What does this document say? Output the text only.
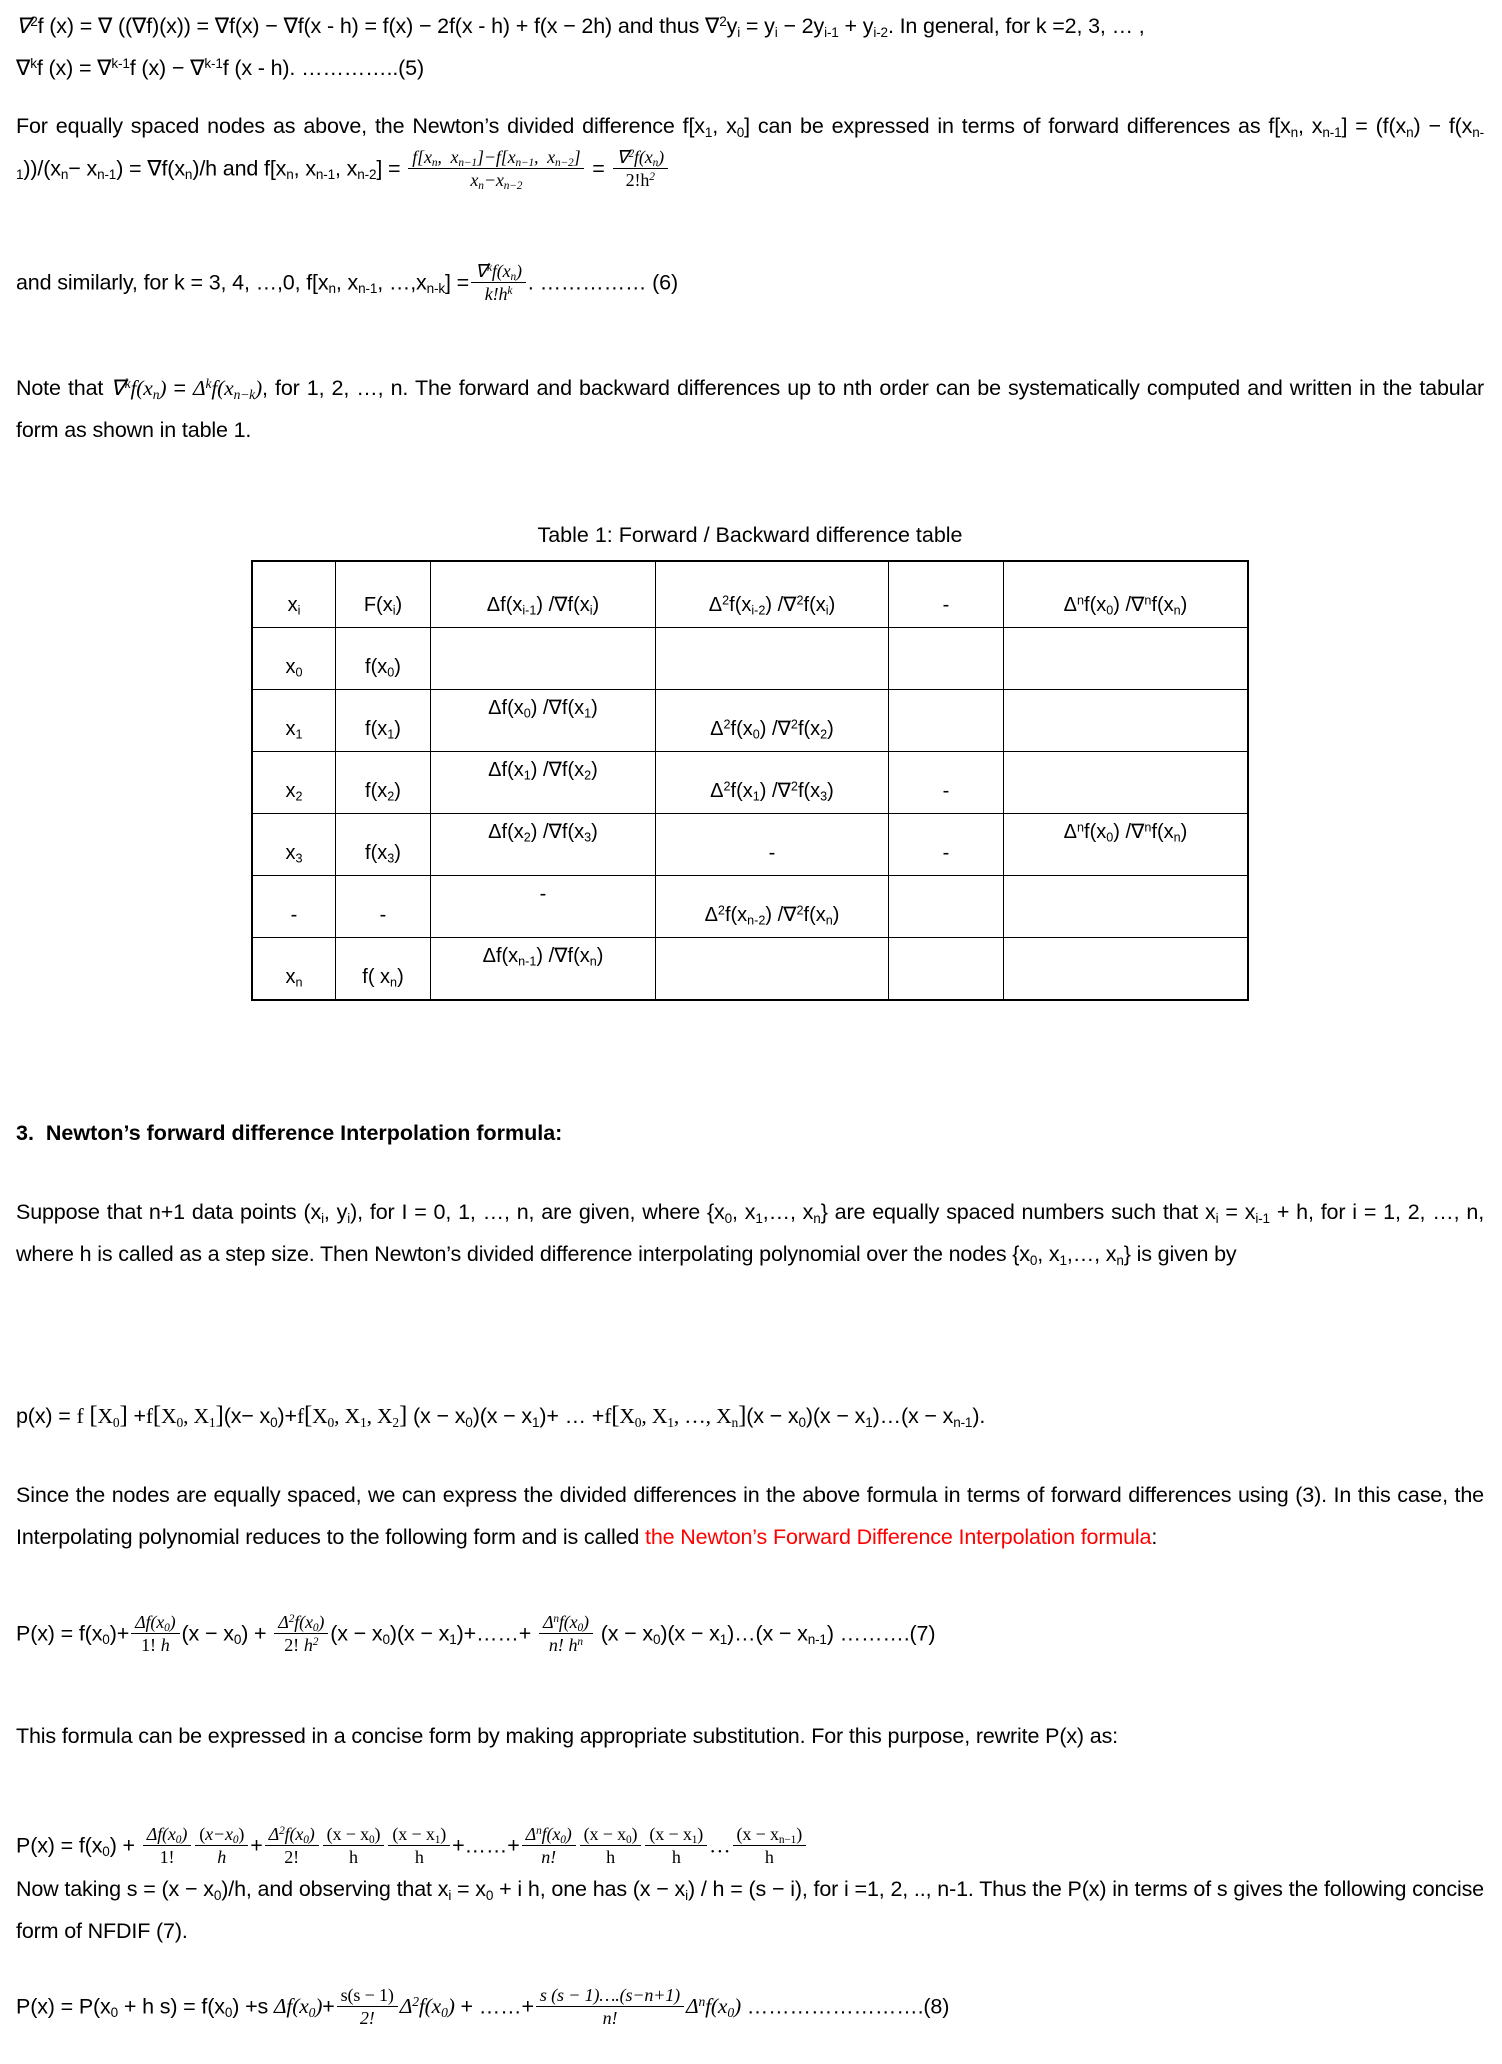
∇$^2$f (x) = ∇ ((∇f)(x)) = ∇f(x) − ∇f(x - h) = f(x) − 2f(x - h) + f(x − 2h) and thus $\nabla^2y_i = y_i - 2y_{i-1} + y_{i-2}$. In general, for k =2, 3, … ,
∇$^k$f (x) = ∇$^{k-1}$f (x) − ∇$^{k-1}$f (x - h). …………..(5)

For equally spaced nodes as above, the Newton’s divided difference $f[x_1$, $x_0$] can be expressed in terms of forward differences as $f[x_n$, $x_{n-1}] = (f(x_n) - f(x_{n-1}))/(x_n- x_{n-1}) = \nabla f(x_n)/h$ and $f[x_n$, $x_{n-1}$, $x_{n-2}] = \frac{f[x_n, x_{n-1}]-f[x_{n-1}, x_{n-2}]}{x_n-x_{n-2}} = \frac{\nabla^2f(x_n)}{2!h^2}$

and similarly, for k = 3, 4, …,0, $f[x_n$, $x_{n-1}$, $\dots,x_{n-k}] = \frac{\nabla^kf(x_n)}{k!h^k}$ . …………… (6)

Note that $\nabla^kf(x_n) = \Delta^kf(x_{n-k})$, for 1, 2, …, n. The forward and backward differences up to nth order can be systematically computed and written in the tabular form as shown in table 1.

Table 1: Forward / Backward difference table

$x_i$	$F(x_i)$	$\Delta f(x_{i-1})$ $/\nabla f(x_i)$	$\Delta^2f(x_{i-2})$ $/\nabla^2f(x_i)$	-	$\Delta^nf(x_0)$ $/\nabla^nf(x_n)$
$x_0$	$f(x_0)$				
$x_1$	$f(x_1)$	$\Delta f(x_0)$ $/\nabla f(x_1)$	$\Delta^2f(x_0)$ $/\nabla^2f(x_2)$		
$x_2$	$f(x_2)$	$\Delta f(x_1)$ $/\nabla f(x_2)$	$\Delta^2f(x_1)$ $/\nabla^2f(x_3)$	-	
$x_3$	$f(x_3)$	$\Delta f(x_2)$ $/\nabla f(x_3)$	-	-	$\Delta^nf(x_0)$ $/\nabla^nf(x_n)$
-	-	-	$\Delta^2f(x_{n-2})$ $/\nabla^2f(x_n)$		
$x_n$	f( $x_n$)	$\Delta f(x_{n-1})$ $/\nabla f(x_n)$			
3. Newton’s forward difference Interpolation formula:

Suppose that n+1 data points ($x_i$, $y_i$), for I = 0, 1, …, n, are given, where {$x_0$, $x_1,\dots$, $x_n$} are equally spaced numbers such that $x_i = x_{i-1} + h$, for i = 1, 2, …, n, where h is called as a step size. Then Newton’s divided difference interpolating polynomial over the nodes {$x_0$, $x_1,\dots$, $x_n$} is given by

p(x) = f $[X_0] +f[X_0$, $X_1](x- x_0)+f[X_0$, $X_1$, $X_2$] $(x - x_0)(x - x_1)+$ … $+f[X_0$, $X_1$, …, $X_n](x - x_0)(x$ − $x_1)\dots(x - x_{n-1})$.

Since the nodes are equally spaced, we can express the divided differences in the above formula in terms of forward differences using (3). In this case, the Interpolating polynomial reduces to the following form and is called the Newton’s Forward Difference Interpolation formula:

$P(x) = f(x_0)+ \frac{\Delta f(x_0)}{1! h} (x - x_0) + \frac{\Delta^2f(x_0)}{2! h^2} (x - x_0)(x$ − $x_1)+\dots\dots+ \frac{\Delta^nf(x_0)}{n! h^n} (x - x_0)(x$ − $x_1)\dots(x - x_{n-1})$ ……….(7)

This formula can be expressed in a concise form by making appropriate substitution. For this purpose, rewrite P(x) as:

$P(x) = f(x_0) + \frac{\Delta f(x_0)}{1!} \frac{(x-x_0)}{h} + \frac{\Delta^2f(x_0)}{2!} \frac{(x - x_0)}{h} \frac{(x - x_1)}{h}$ +……+ $\frac{\Delta^nf(x_0)}{n!} \frac{(x - x_0)}{h} \frac{(x - x_1)}{h}$ … $\frac{(x - x_{n-1})}{h}$

Now taking $s = (x - x_0)/h$, and observing that $x_i = x_0 + i$ h, one has $(x - x_i) / h = (s - i)$, for i =1, 2, .., n-1. Thus the P(x) in terms of s gives the following concise form of NFDIF (7).

$P(x) = P(x_0 + h$ $s) = f(x_0) +s$ $\Delta f(x_0)+ \frac{s(s - 1)}{2!} \Delta^2f(x_0)$ + ……+ $\frac{s (s - 1)\dots.(s-n+1)}{n!} \Delta^nf(x_0)$ …………………….(8)
